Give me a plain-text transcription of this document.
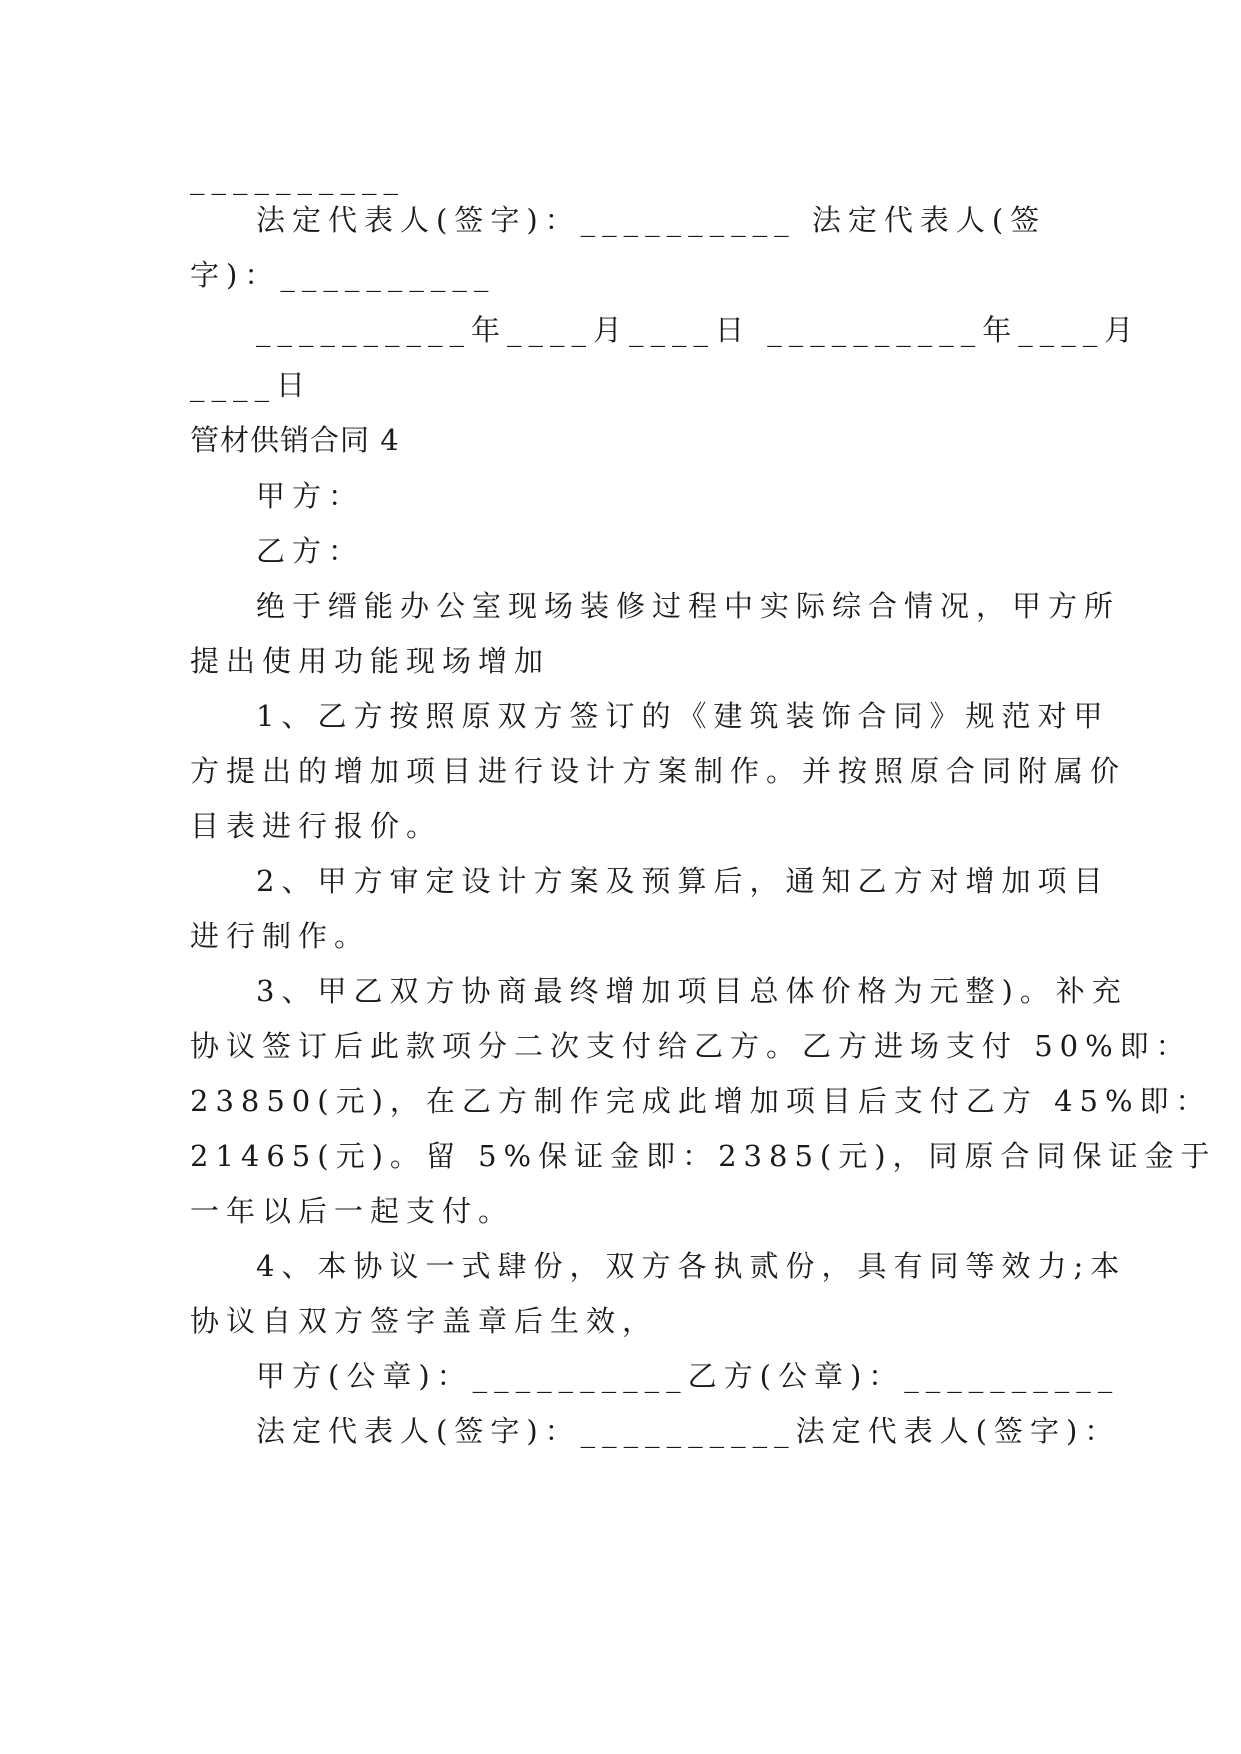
__________
法定代表人(签字)：__________ 法定代表人(签
字)：__________
__________年____月____日 __________年____月
____日
管材供销合同 4
甲方：
乙方：
绝于缙能办公室现场装修过程中实际综合情况，甲方所
提出使用功能现场增加
1、乙方按照原双方签订的《建筑装饰合同》规范对甲
方提出的增加项目进行设计方案制作。并按照原合同附属价
目表进行报价。
2、甲方审定设计方案及预算后，通知乙方对增加项目
进行制作。
3、甲乙双方协商最终增加项目总体价格为元整)。补充
协议签订后此款项分二次支付给乙方。乙方进场支付 50%即：
23850(元)，在乙方制作完成此增加项目后支付乙方 45%即：
21465(元)。留 5%保证金即：2385(元)，同原合同保证金于
一年以后一起支付。
4、本协议一式肆份，双方各执贰份，具有同等效力;本
协议自双方签字盖章后生效，
甲方(公章)：__________乙方(公章)：__________
法定代表人(签字)：__________法定代表人(签字)：
